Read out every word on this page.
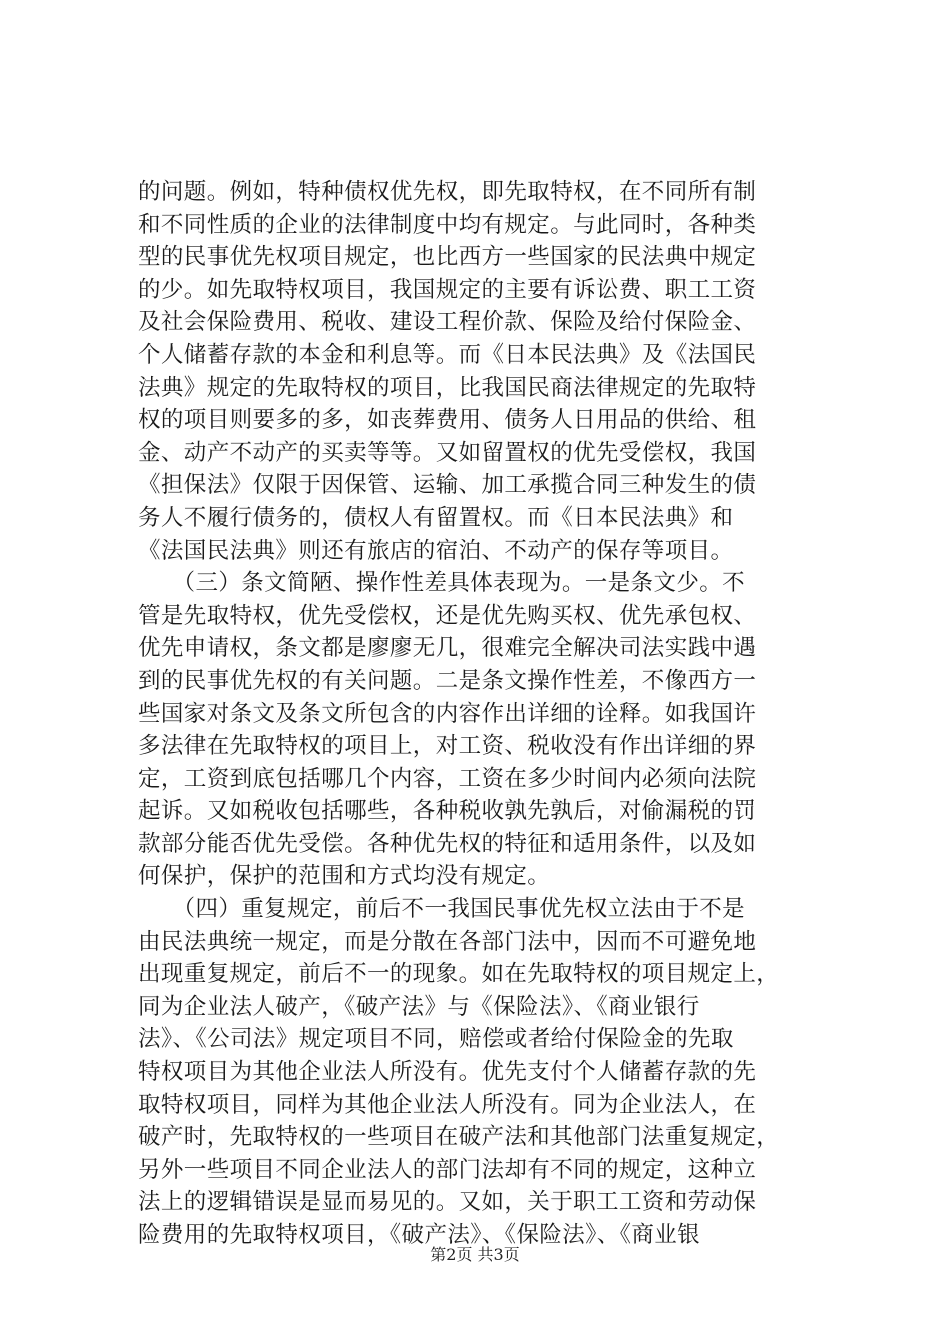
的问题。例如，特种债权优先权，即先取特权，在不同所有制
和不同性质的企业的法律制度中均有规定。与此同时，各种类
型的民事优先权项目规定，也比西方一些国家的民法典中规定
的少。如先取特权项目，我国规定的主要有诉讼费、职工工资
及社会保险费用、税收、建设工程价款、保险及给付保险金、
个人储蓄存款的本金和利息等。而《日本民法典》及《法国民
法典》规定的先取特权的项目，比我国民商法律规定的先取特
权的项目则要多的多，如丧葬费用、债务人日用品的供给、租
金、动产不动产的买卖等等。又如留置权的优先受偿权，我国
《担保法》仅限于因保管、运输、加工承揽合同三种发生的债
务人不履行债务的，债权人有留置权。而《日本民法典》和
《法国民法典》则还有旅店的宿泊、不动产的保存等项目。
　　（三）条文简陋、操作性差具体表现为。一是条文少。不
管是先取特权，优先受偿权，还是优先购买权、优先承包权、
优先申请权，条文都是廖廖无几，很难完全解决司法实践中遇
到的民事优先权的有关问题。二是条文操作性差，不像西方一
些国家对条文及条文所包含的内容作出详细的诠释。如我国许
多法律在先取特权的项目上，对工资、税收没有作出详细的界
定，工资到底包括哪几个内容，工资在多少时间内必须向法院
起诉。又如税收包括哪些，各种税收孰先孰后，对偷漏税的罚
款部分能否优先受偿。各种优先权的特征和适用条件，以及如
何保护，保护的范围和方式均没有规定。
　　（四）重复规定，前后不一我国民事优先权立法由于不是
由民法典统一规定，而是分散在各部门法中，因而不可避免地
出现重复规定，前后不一的现象。如在先取特权的项目规定上，
同为企业法人破产，《破产法》与《保险法》、《商业银行
法》、《公司法》规定项目不同，赔偿或者给付保险金的先取
特权项目为其他企业法人所没有。优先支付个人储蓄存款的先
取特权项目，同样为其他企业法人所没有。同为企业法人，在
破产时，先取特权的一些项目在破产法和其他部门法重复规定，
另外一些项目不同企业法人的部门法却有不同的规定，这种立
法上的逻辑错误是显而易见的。又如，关于职工工资和劳动保
险费用的先取特权项目，《破产法》、《保险法》、《商业银
第2页 共3页
